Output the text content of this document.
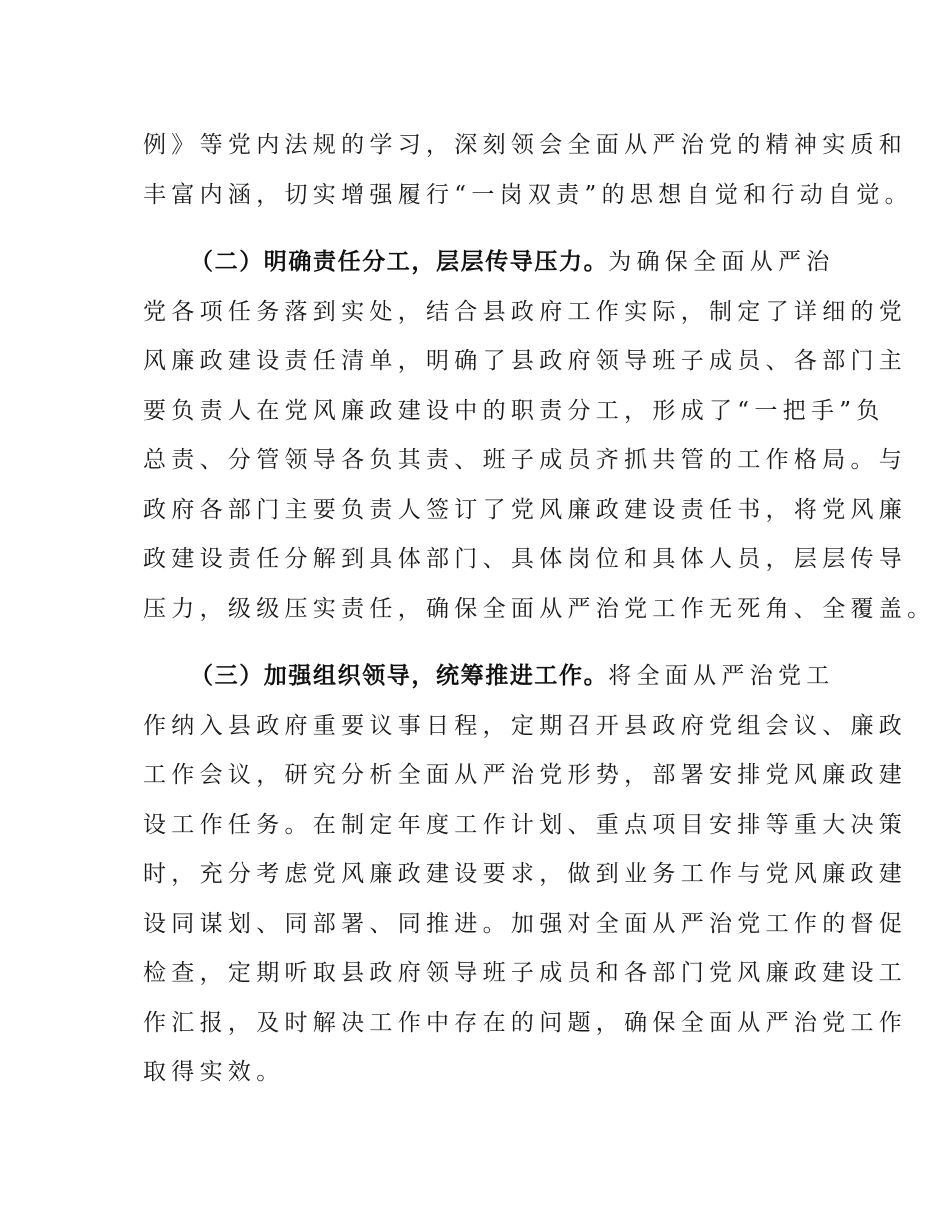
例》等党内法规的学习，深刻领会全面从严治党的精神实质和
丰富内涵，切实增强履行“一岗双责”的思想自觉和行动自觉。

（二）明确责任分工，层层传导压力。为确保全面从严治
党各项任务落到实处，结合县政府工作实际，制定了详细的党
风廉政建设责任清单，明确了县政府领导班子成员、各部门主
要负责人在党风廉政建设中的职责分工，形成了“一把手”负
总责、分管领导各负其责、班子成员齐抓共管的工作格局。与
政府各部门主要负责人签订了党风廉政建设责任书，将党风廉
政建设责任分解到具体部门、具体岗位和具体人员，层层传导
压力，级级压实责任，确保全面从严治党工作无死角、全覆盖。

（三）加强组织领导，统筹推进工作。将全面从严治党工
作纳入县政府重要议事日程，定期召开县政府党组会议、廉政
工作会议，研究分析全面从严治党形势，部署安排党风廉政建
设工作任务。在制定年度工作计划、重点项目安排等重大决策
时，充分考虑党风廉政建设要求，做到业务工作与党风廉政建
设同谋划、同部署、同推进。加强对全面从严治党工作的督促
检查，定期听取县政府领导班子成员和各部门党风廉政建设工
作汇报，及时解决工作中存在的问题，确保全面从严治党工作
取得实效。
